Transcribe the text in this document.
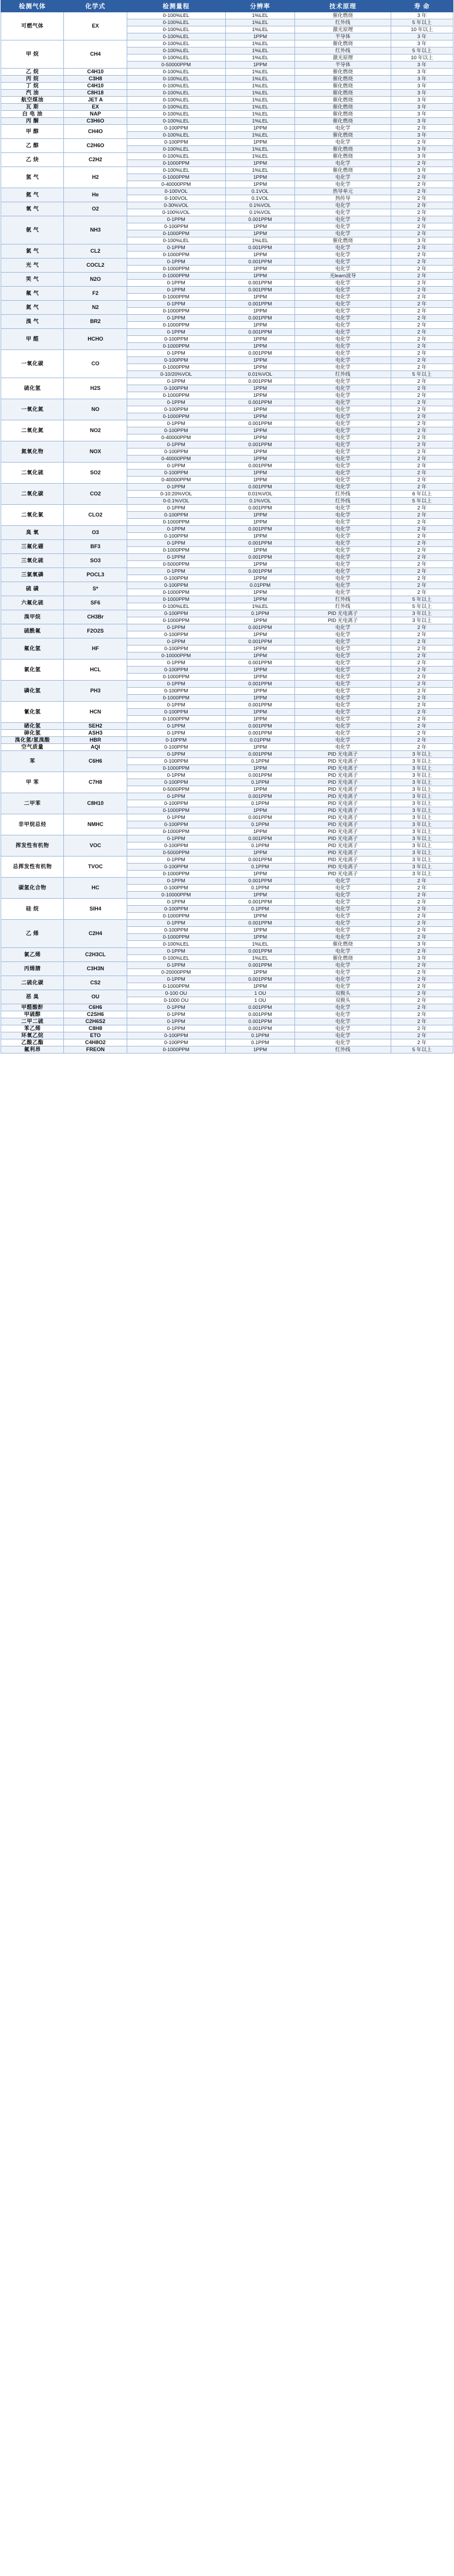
检测气体	化学式	检测量程	分辨率	技术原理	寿 命
可燃气体	EX	0-100%LEL	1%LEL	催化燃烧	3 年
		0-100%LEL	1%LEL	红外线	5 年以上
		0-100%LEL	1%LEL	激光原理	10 年以上
		0-100%LEL	1PPM	半导体	3 年
甲 烷	CH4	0-100%LEL	1%LEL	催化燃烧	3 年
		0-100%LEL	1%LEL	红外线	5 年以上
		0-100%LEL	1%LEL	激光原理	10 年以上
		0-50000PPM	1PPM	半导体	3 年
乙 烷	C4H10	0-100%LEL	1%LEL	催化燃烧	3 年
丙 烷	C3H8	0-100%LEL	1%LEL	催化燃烧	3 年
丁 烷	C4H10	0-100%LEL	1%LEL	催化燃烧	3 年
汽 油	C8H18	0-100%LEL	1%LEL	催化燃烧	3 年
航空煤油	JET A	0-100%LEL	1%LEL	催化燃烧	3 年
瓦 斯	EX	0-100%LEL	1%LEL	催化燃烧	3 年
白 电 油	NAP	0-100%LEL	1%LEL	催化燃烧	3 年
丙 酮	C3H6O	0-100%LEL	1%LEL	催化燃烧	3 年
甲 醇	CH4O	0-100PPM	1PPM	电化学	2 年
		0-100%LEL	1%LEL	催化燃烧	3 年
乙 醇	C2H6O	0-100PPM	1PPM	电化学	2 年
		0-100%LEL	1%LEL	催化燃烧	3 年
乙 炔	C2H2	0-100%LEL	1%LEL	催化燃烧	3 年
		0-1000PPM	1PPM	电化学	2 年
氢 气	H2	0-100%LEL	1%LEL	催化燃烧	3 年
		0-1000PPM	1PPM	电化学	2 年
		0-40000PPM	1PPM	电化学	2 年
氦 气	He	0-100VOL	0.1VOL	热导单元	2 年
		0-100VOL	0.1VOL	热传导	2 年
氧 气	O2	0-30%VOL	0.1%VOL	电化学	2 年
		0-100%VOL	0.1%VOL	电化学	2 年
氨 气	NH3	0-1PPM	0.001PPM	电化学	2 年
		0-100PPM	1PPM	电化学	2 年
		0-1000PPM	1PPM	电化学	2 年
		0-100%LEL	1%LEL	催化燃烧	3 年
氯 气	CL2	0-1PPM	0.001PPM	电化学	2 年
		0-1000PPM	1PPM	电化学	2 年
光 气	COCL2	0-1PPM	0.001PPM	电化学	2 年
		0-1000PPM	1PPM	电化学	2 年
笑 气	N2O	0-1000PPM	1PPM	光learn波导	2 年
		0-1PPM	0.001PPM	电化学	2 年
氟 气	F2	0-1PPM	0.001PPM	电化学	2 年
		0-1000PPM	1PPM	电化学	2 年
氮 气	N2	0-1PPM	0.001PPM	电化学	2 年
		0-1000PPM	1PPM	电化学	2 年
溴 气	BR2	0-1PPM	0.001PPM	电化学	2 年
		0-1000PPM	1PPM	电化学	2 年
甲 醛	HCHO	0-1PPM	0.001PPM	电化学	2 年
		0-100PPM	1PPM	电化学	2 年
		0-1000PPM	1PPM	电化学	2 年
一氧化碳	CO	0-1PPM	0.001PPM	电化学	2 年
		0-100PPM	1PPM	电化学	2 年
		0-1000PPM	1PPM	电化学	2 年
		0-10/20%VOL	0.01%VOL	红外线	5 年以上
硫化氢	H2S	0-1PPM	0.001PPM	电化学	2 年
		0-100PPM	1PPM	电化学	2 年
		0-1000PPM	1PPM	电化学	2 年
一氧化氮	NO	0-1PPM	0.001PPM	电化学	2 年
		0-100PPM	1PPM	电化学	2 年
		0-1000PPM	1PPM	电化学	2 年
二氧化氮	NO2	0-1PPM	0.001PPM	电化学	2 年
		0-100PPM	1PPM	电化学	2 年
		0-40000PPM	1PPM	电化学	2 年
氮氧化物	NOX	0-1PPM	0.001PPM	电化学	2 年
		0-100PPM	1PPM	电化学	2 年
		0-40000PPM	1PPM	电化学	2 年
二氧化硫	SO2	0-1PPM	0.001PPM	电化学	2 年
		0-100PPM	1PPM	电化学	2 年
		0-40000PPM	1PPM	电化学	2 年
二氧化碳	CO2	0-1PPM	0.001PPM	电化学	2 年
		0-10:20%VOL	0.01%VOL	红外线	6 年以上
		0-0.1%VOL	0.1%VOL	红外线	5 年以上
二氧化氯	CLO2	0-1PPM	0.001PPM	电化学	2 年
		0-100PPM	1PPM	电化学	2 年
		0-1000PPM	1PPM	电化学	2 年
臭 氧	O3	0-1PPM	0.001PPM	电化学	2 年
		0-100PPM	1PPM	电化学	2 年
三氟化硼	BF3	0-1PPM	0.001PPM	电化学	2 年
		0-1000PPM	1PPM	电化学	2 年
三氧化硫	SO3	0-1PPM	0.001PPM	电化学	2 年
		0-5000PPM	1PPM	电化学	2 年
三氯氧磷	POCL3	0-1PPM	0.001PPM	电化学	2 年
		0-100PPM	1PPM	电化学	2 年
硫 磺	S*	0-100PPM	0.01PPM	电化学	2 年
		0-1000PPM	1PPM	电化学	2 年
六氟化硫	SF6	0-1000PPM	1PPM	红外线	5 年以上
		0-100%LEL	1%LEL	红外线	5 年以上
溴甲烷	CH3Br	0-100PPM	0.1PPM	PID 光电离子	3 年以上
		0-1000PPM	1PPM	PID 光电离子	3 年以上
硫酰氟	F2O2S	0-1PPM	0.001PPM	电化学	2 年
		0-100PPM	1PPM	电化学	2 年
氟化氢	HF	0-1PPM	0.001PPM	电化学	2 年
		0-100PPM	1PPM	电化学	2 年
		0-10000PPM	1PPM	电化学	2 年
氯化氢	HCL	0-1PPM	0.001PPM	电化学	2 年
		0-100PPM	1PPM	电化学	2 年
		0-1000PPM	1PPM	电化学	2 年
磷化氢	PH3	0-1PPM	0.001PPM	电化学	2 年
		0-100PPM	1PPM	电化学	2 年
		0-1000PPM	1PPM	电化学	2 年
氰化氢	HCN	0-1PPM	0.001PPM	电化学	2 年
		0-100PPM	1PPM	电化学	2 年
		0-1000PPM	1PPM	电化学	2 年
硒化氢	SEH2	0-1PPM	0.001PPM	电化学	2 年
砷化氢	ASH3	0-1PPM	0.001PPM	电化学	2 年
溴化氢/氢溴酸	HBR	0-10PPM	0.01PPM	电化学	2 年
空气质量	AQI	0-100PPM	1PPM	电化学	2 年
苯	C6H6	0-1PPM	0.001PPM	PID 光电离子	3 年以上
		0-100PPM	0.1PPM	PID 光电离子	3 年以上
		0-1000PPM	1PPM	PID 光电离子	3 年以上
甲 苯	C7H8	0-1PPM	0.001PPM	PID 光电离子	3 年以上
		0-100PPM	0.1PPM	PID 光电离子	3 年以上
		0-5000PPM	1PPM	PID 光电离子	3 年以上
二甲苯	C8H10	0-1PPM	0.001PPM	PID 光电离子	3 年以上
		0-100PPM	0.1PPM	PID 光电离子	3 年以上
		0-1000PPM	1PPM	PID 光电离子	3 年以上
非甲烷总烃	NMHC	0-1PPM	0.001PPM	PID 光电离子	3 年以上
		0-100PPM	0.1PPM	PID 光电离子	3 年以上
		0-1000PPM	1PPM	PID 光电离子	3 年以上
挥发性有机物	VOC	0-1PPM	0.001PPM	PID 光电离子	3 年以上
		0-100PPM	0.1PPM	PID 光电离子	3 年以上
		0-5000PPM	1PPM	PID 光电离子	3 年以上
总挥发性有机物	TVOC	0-1PPM	0.001PPM	PID 光电离子	3 年以上
		0-100PPM	0.1PPM	PID 光电离子	3 年以上
		0-1000PPM	1PPM	PID 光电离子	3 年以上
碳氢化合物	HC	0-1PPM	0.001PPM	电化学	2 年
		0-100PPM	0.1PPM	电化学	2 年
		0-10000PPM	1PPM	电化学	2 年
硅 烷	SIH4	0-1PPM	0.001PPM	电化学	2 年
		0-100PPM	0.1PPM	电化学	2 年
		0-1000PPM	1PPM	电化学	2 年
乙 烯	C2H4	0-1PPM	0.001PPM	电化学	2 年
		0-100PPM	1PPM	电化学	2 年
		0-1000PPM	1PPM	电化学	2 年
		0-100%LEL	1%LEL	催化燃烧	3 年
氯乙烯	C2H3CL	0-1PPM	0.001PPM	电化学	2 年
		0-100%LEL	1%LEL	催化燃烧	3 年
丙烯腈	C3H3N	0-1PPM	0.001PPM	电化学	2 年
		0-20000PPM	1PPM	电化学	2 年
二硫化碳	CS2	0-1PPM	0.001PPM	电化学	2 年
		0-1000PPM	1PPM	电化学	2 年
恶 臭	OU	0-100 OU	1 OU	双极头	2 年
		0-1000 OU	1 OU	双极头	2 年
甲醛酸酐	C6H6	0-1PPM	0.001PPM	电化学	2 年
甲硫醇	C2SH6	0-1PPM	0.001PPM	电化学	2 年
二甲二硫	C2H6S2	0-1PPM	0.001PPM	电化学	2 年
苯乙烯	C8H8	0-1PPM	0.001PPM	电化学	2 年
环氧乙烷	ETO	0-100PPM	0.1PPM	电化学	2 年
乙酸乙酯	C4H8O2	0-100PPM	0.1PPM	电化学	2 年
氟利昂	FREON	0-1000PPM	1PPM	红外线	5 年以上
